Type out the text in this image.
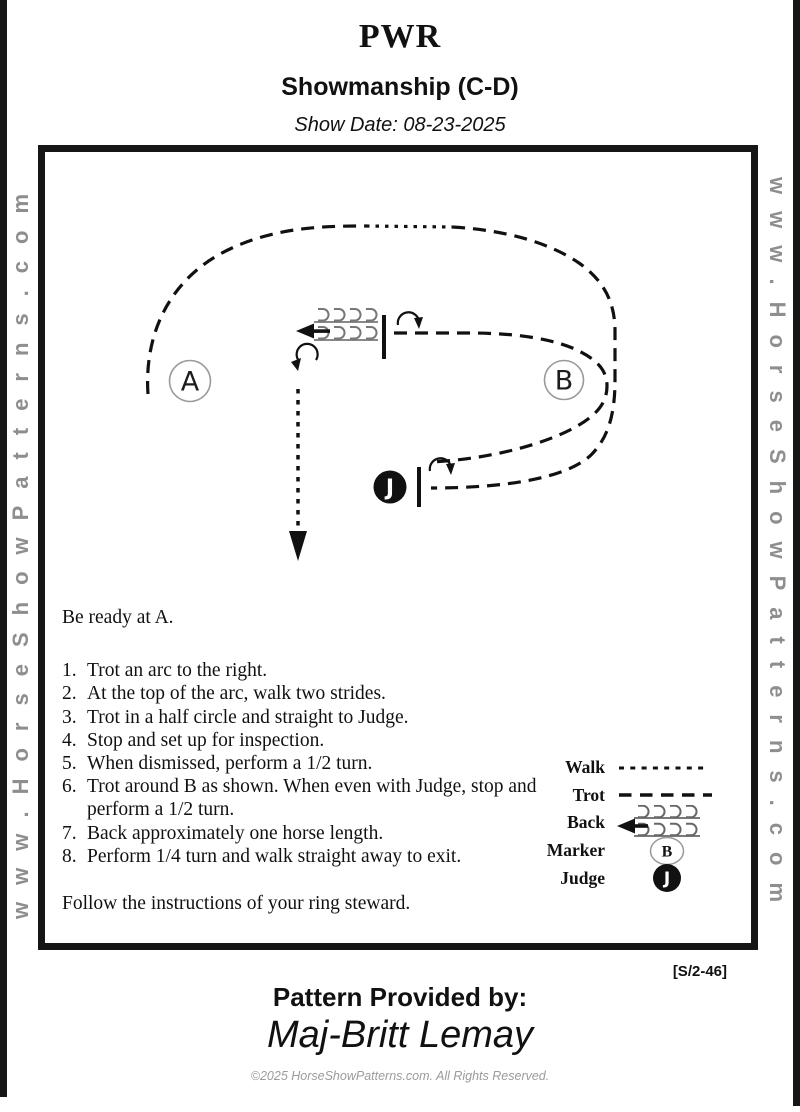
PWR
Showmanship (C-D)
Show Date: 08-23-2025
www.HorseShowPatterns.com	www.HorseShowPatterns.com
A	B
J

Be ready at A.

1. Trot an arc to the right.
2. At the top of the arc, walk two strides.
3. Trot in a half circle and straight to Judge.
4. Stop and set up for inspection.
5. When dismissed, perform a 1/2 turn.
6. Trot around B as shown. When even with Judge, stop and perform a 1/2 turn.
7. Back approximately one horse length.
8. Perform 1/4 turn and walk straight away to exit.

Follow the instructions of your ring steward.

Walk
Trot
Back
Marker	B
Judge	J
[S/2-46]
Pattern Provided by:
Maj-Britt Lemay
©2025 HorseShowPatterns.com. All Rights Reserved.
